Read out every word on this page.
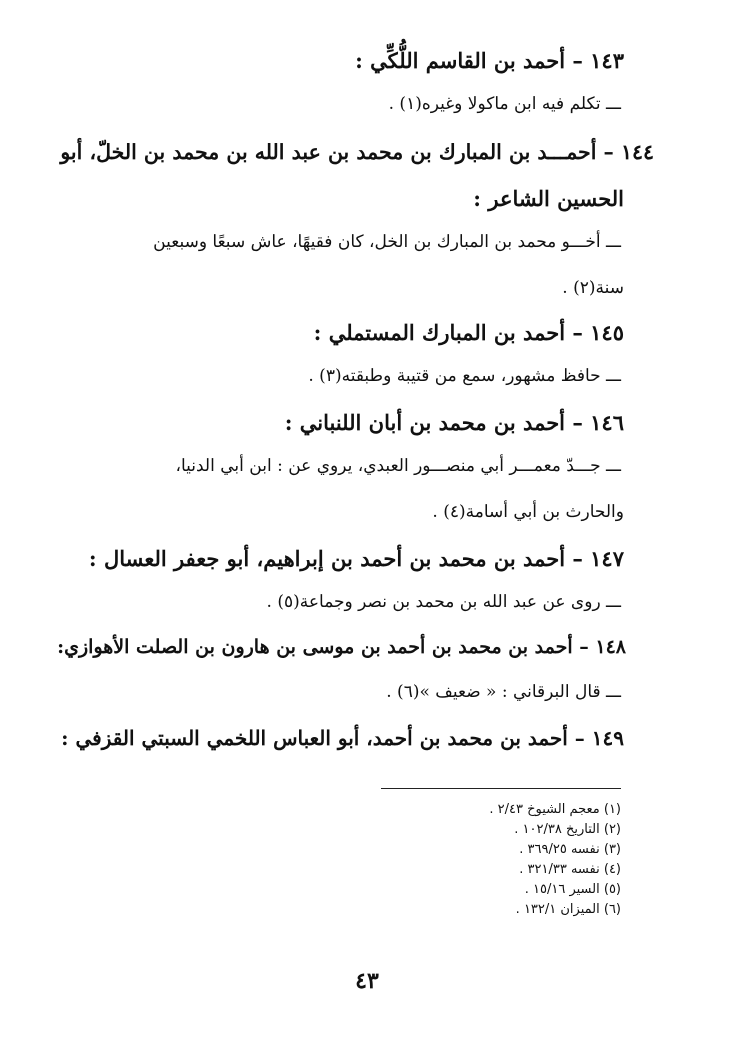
١٤٣ – أحمد بن القاسم اللُّكِّي :
ـــ تكلم فيه ابن ماكولا وغيره(١) .
١٤٤ – أحمـــد بن المبارك بن محمد بن عبد الله بن محمد بن الخلّ، أبو
الحسين الشاعر :
ـــ أخـــو محمد بن المبارك بن الخل، كان فقيهًا، عاش سبعًا وسبعين
سنة(٢) .
١٤٥ – أحمد بن المبارك المستملي :
ـــ حافظ مشهور، سمع من قتيبة وطبقته(٣) .
١٤٦ – أحمد بن محمد بن أبان اللنباني :
ـــ جـــدّ معمـــر أبي منصـــور العبدي، يروي عن : ابن أبي الدنيا،
والحارث بن أبي أسامة(٤) .
١٤٧ – أحمد بن محمد بن أحمد بن إبراهيم، أبو جعفر العسال :
ـــ روى عن عبد الله بن محمد بن نصر وجماعة(٥) .
١٤٨ – أحمد بن محمد بن أحمد بن موسى بن هارون بن الصلت الأهوازي:
ـــ قال البرقاني : « ضعيف »(٦) .
١٤٩ – أحمد بن محمد بن أحمد، أبو العباس اللخمي السبتي القزفي :
(١) معجم الشيوخ ٢/٤٣ .
(٢) التاريخ ١٠٢/٣٨ .
(٣) نفسه ٣٦٩/٢٥ .
(٤) نفسه ٣٢١/٣٣ .
(٥) السير ١٥/١٦ .
(٦) الميزان ١٣٢/١ .
٤٣
